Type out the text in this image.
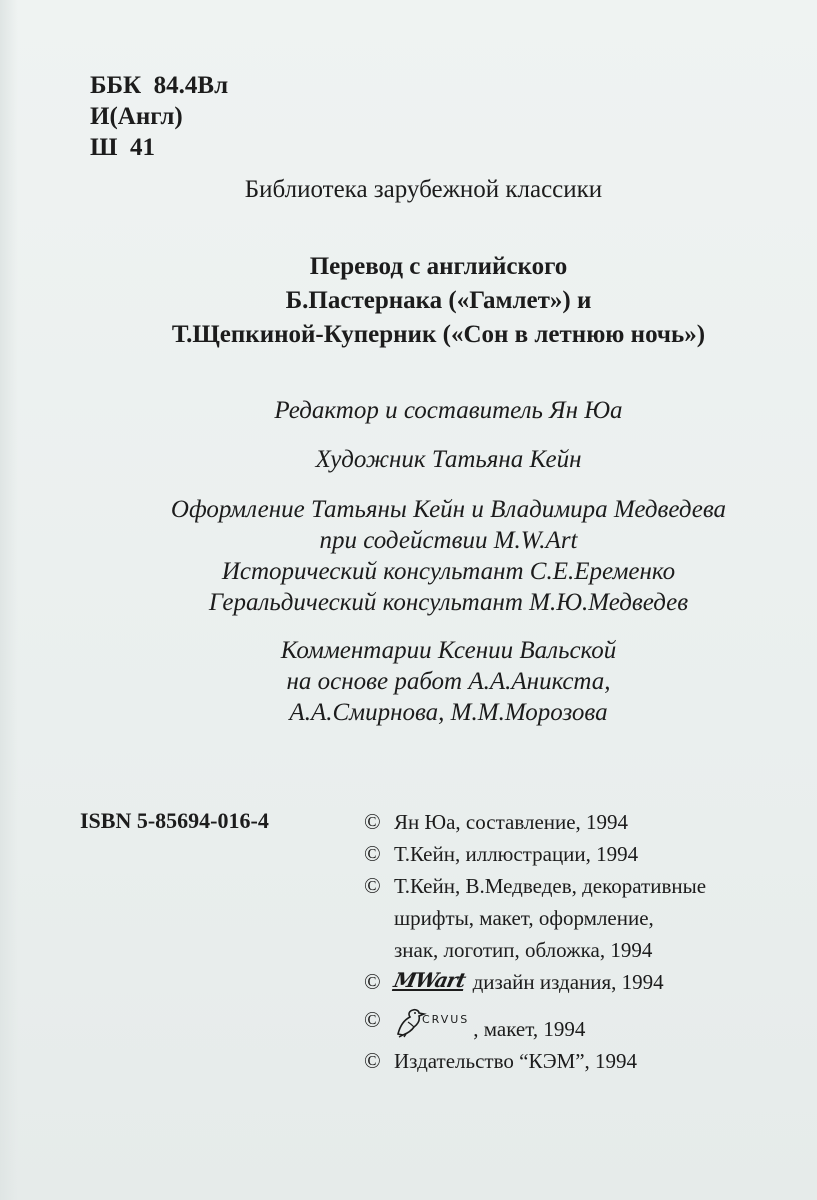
ББК  84.4Вл
И(Англ)
Ш  41
Библиотека зарубежной классики
Перевод с английского
Б.Пастернака («Гамлет») и
Т.Щепкиной-Куперник («Сон в летнюю ночь»)
Редактор и составитель Ян Юа
Художник Татьяна Кейн
Оформление Татьяны Кейн и Владимира Медведева
при содействии M.W.Art
Исторический консультант С.Е.Еременко
Геральдический консультант М.Ю.Медведев
Комментарии Ксении Вальской
на основе работ А.А.Аникста,
А.А.Смирнова, М.М.Морозова
ISBN 5-85694-016-4	© Ян Юа, составление, 1994
© Т.Кейн, иллюстрации, 1994
© Т.Кейн, В.Медведев, декоративные
шрифты, макет, оформление,
знак, логотип, обложка, 1994
© MWart дизайн издания, 1994
©	CRVUS , макет, 1994
© Издательство “КЭМ”, 1994
